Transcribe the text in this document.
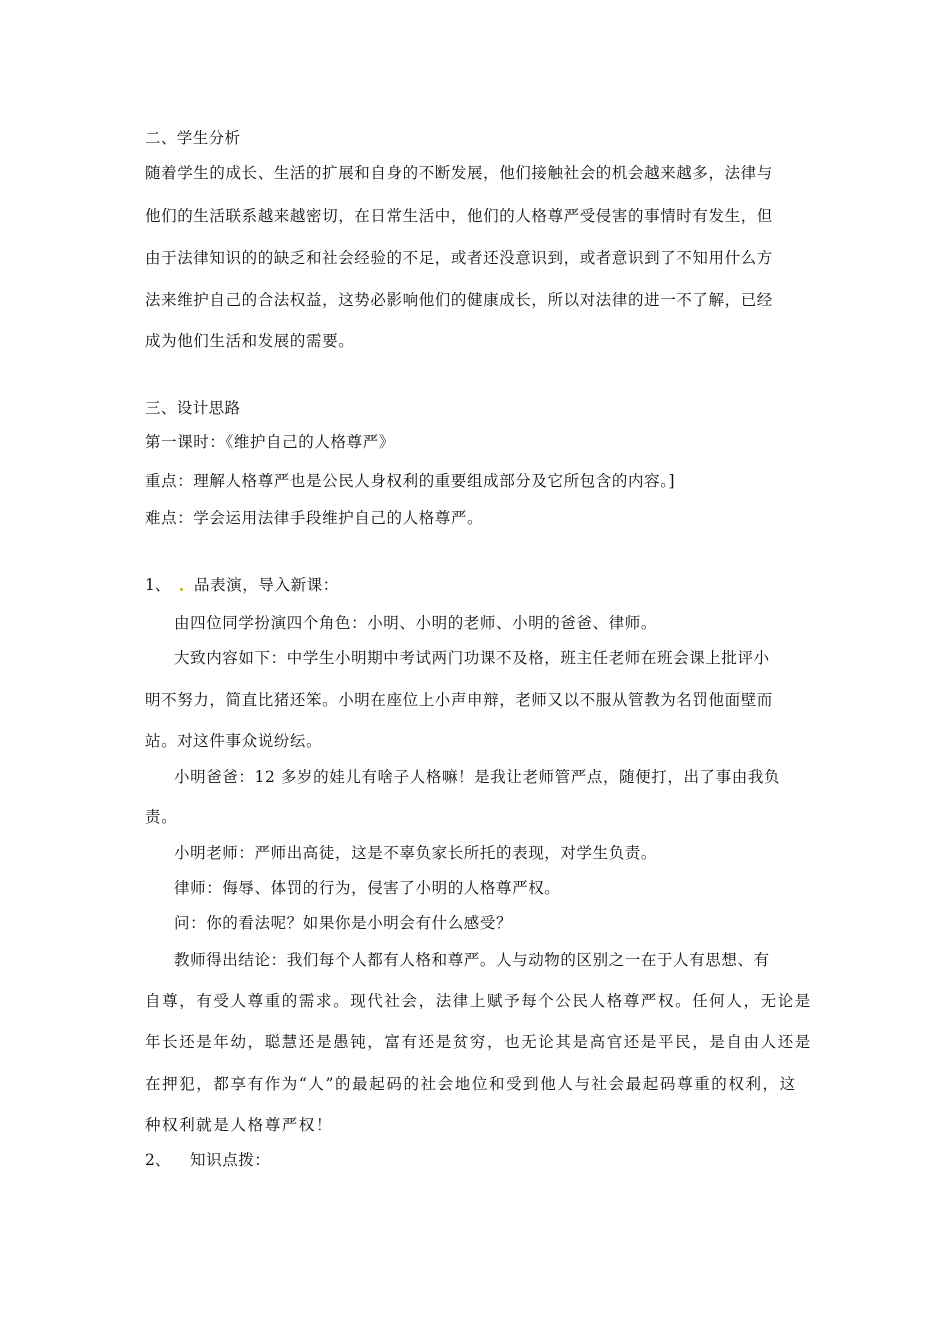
二、学生分析
随着学生的成长、生活的扩展和自身的不断发展，他们接触社会的机会越来越多，法律与
他们的生活联系越来越密切，在日常生活中，他们的人格尊严受侵害的事情时有发生，但
由于法律知识的的缺乏和社会经验的不足，或者还没意识到，或者意识到了不知用什么方
法来维护自己的合法权益，这势必影响他们的健康成长，所以对法律的进一不了解，已经
成为他们生活和发展的需要。
三、设计思路
第一课时：《维护自己的人格尊严》
重点：理解人格尊严也是公民人身权利的重要组成部分及它所包含的内容。]
难点：学会运用法律手段维护自己的人格尊严。
1、 品表演，导入新课：
由四位同学扮演四个角色：小明、小明的老师、小明的爸爸、律师。
大致内容如下：中学生小明期中考试两门功课不及格，班主任老师在班会课上批评小
明不努力，简直比猪还笨。小明在座位上小声申辩，老师又以不服从管教为名罚他面壁而
站。对这件事众说纷纭。
小明爸爸：12 多岁的娃儿有啥子人格嘛！是我让老师管严点，随便打，出了事由我负
责。
小明老师：严师出高徒，这是不辜负家长所托的表现，对学生负责。
律师：侮辱、体罚的行为，侵害了小明的人格尊严权。
问：你的看法呢？如果你是小明会有什么感受？
教师得出结论：我们每个人都有人格和尊严。人与动物的区别之一在于人有思想、有
自尊，有受人尊重的需求。现代社会，法律上赋予每个公民人格尊严权。任何人，无论是
年长还是年幼，聪慧还是愚钝，富有还是贫穷，也无论其是高官还是平民，是自由人还是
在押犯，都享有作为“人”的最起码的社会地位和受到他人与社会最起码尊重的权利，这
种权利就是人格尊严权！
2、 知识点拨：
